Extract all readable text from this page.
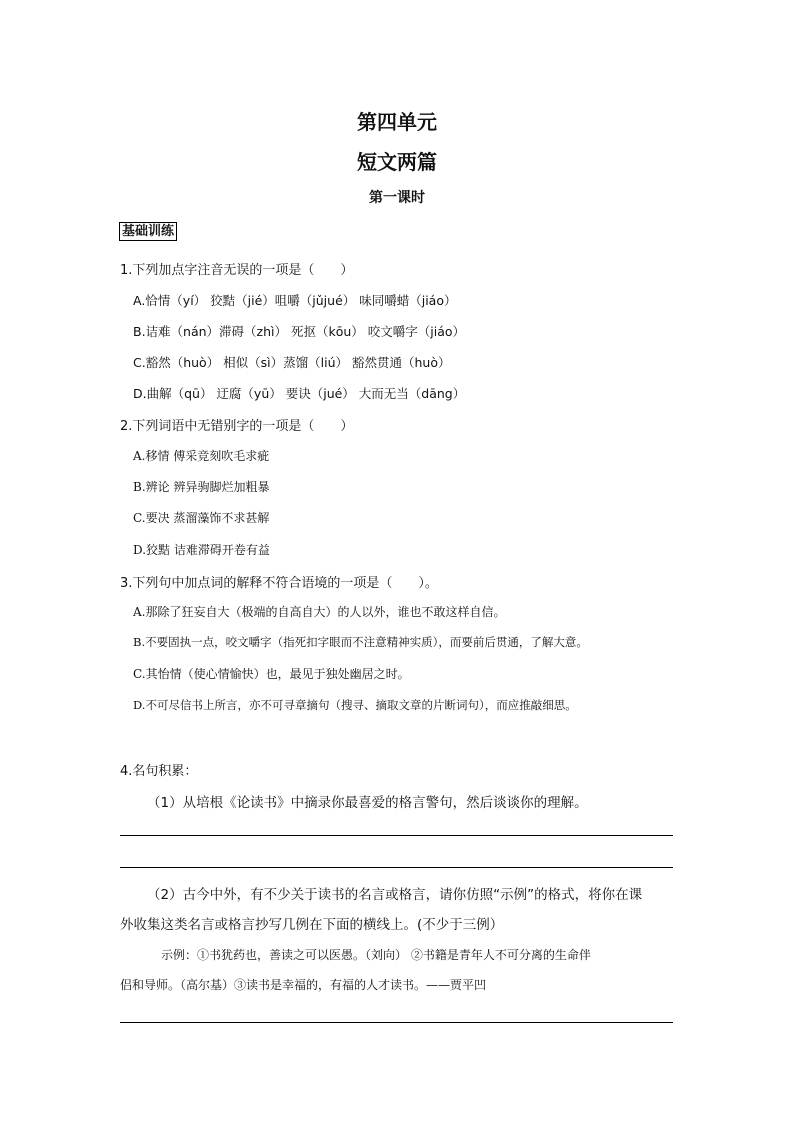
第四单元
短文两篇
第一课时
基础训练
1.下列加点字注音无误的一项是（　　）
A.恰情（yí） 狡黠（jié）咀嚼（jǔjué） 味同嚼蜡（jiáo）
B.诘难（nán）滞碍（zhì） 死抠（kōu） 咬文嚼字（jiáo）
C.豁然（huò） 相似（sì）蒸馏（liú） 豁然贯通（huò）
D.曲解（qū） 迂腐（yū） 要诀（jué） 大而无当（dāng）
2.下列词语中无错别字的一项是（　　）
A.移情 傅采竞刻吹毛求疵
B.辨论 辨异驹脚烂加粗暴
C.要决 蒸溜藻饰不求甚解
D.狡黠 诘难滞碍开卷有益
3.下列句中加点词的解释不符合语境的一项是（　　）。
A.那除了狂妄自大（极端的自高自大）的人以外，谁也不敢这样自信。
B.不要固执一点，咬文嚼字（指死扣字眼而不注意精神实质），而要前后贯通，了解大意。
C.其怡情（使心情愉快）也，最见于独处幽居之时。
D.不可尽信书上所言，亦不可寻章摘句（搜寻、摘取文章的片断词句），而应推敲细思。
4.名句积累：
（1）从培根《论读书》中摘录你最喜爱的格言警句，然后谈谈你的理解。
（2）古今中外，有不少关于读书的名言或格言，请你仿照“示例”的格式，将你在课
外收集这类名言或格言抄写几例在下面的横线上。(不少于三例）
示例：①书犹药也，善读之可以医愚。（刘向） ②书籍是青年人不可分离的生命伴
侣和导师。（高尔基）③读书是幸福的，有福的人才读书。——贾平凹
